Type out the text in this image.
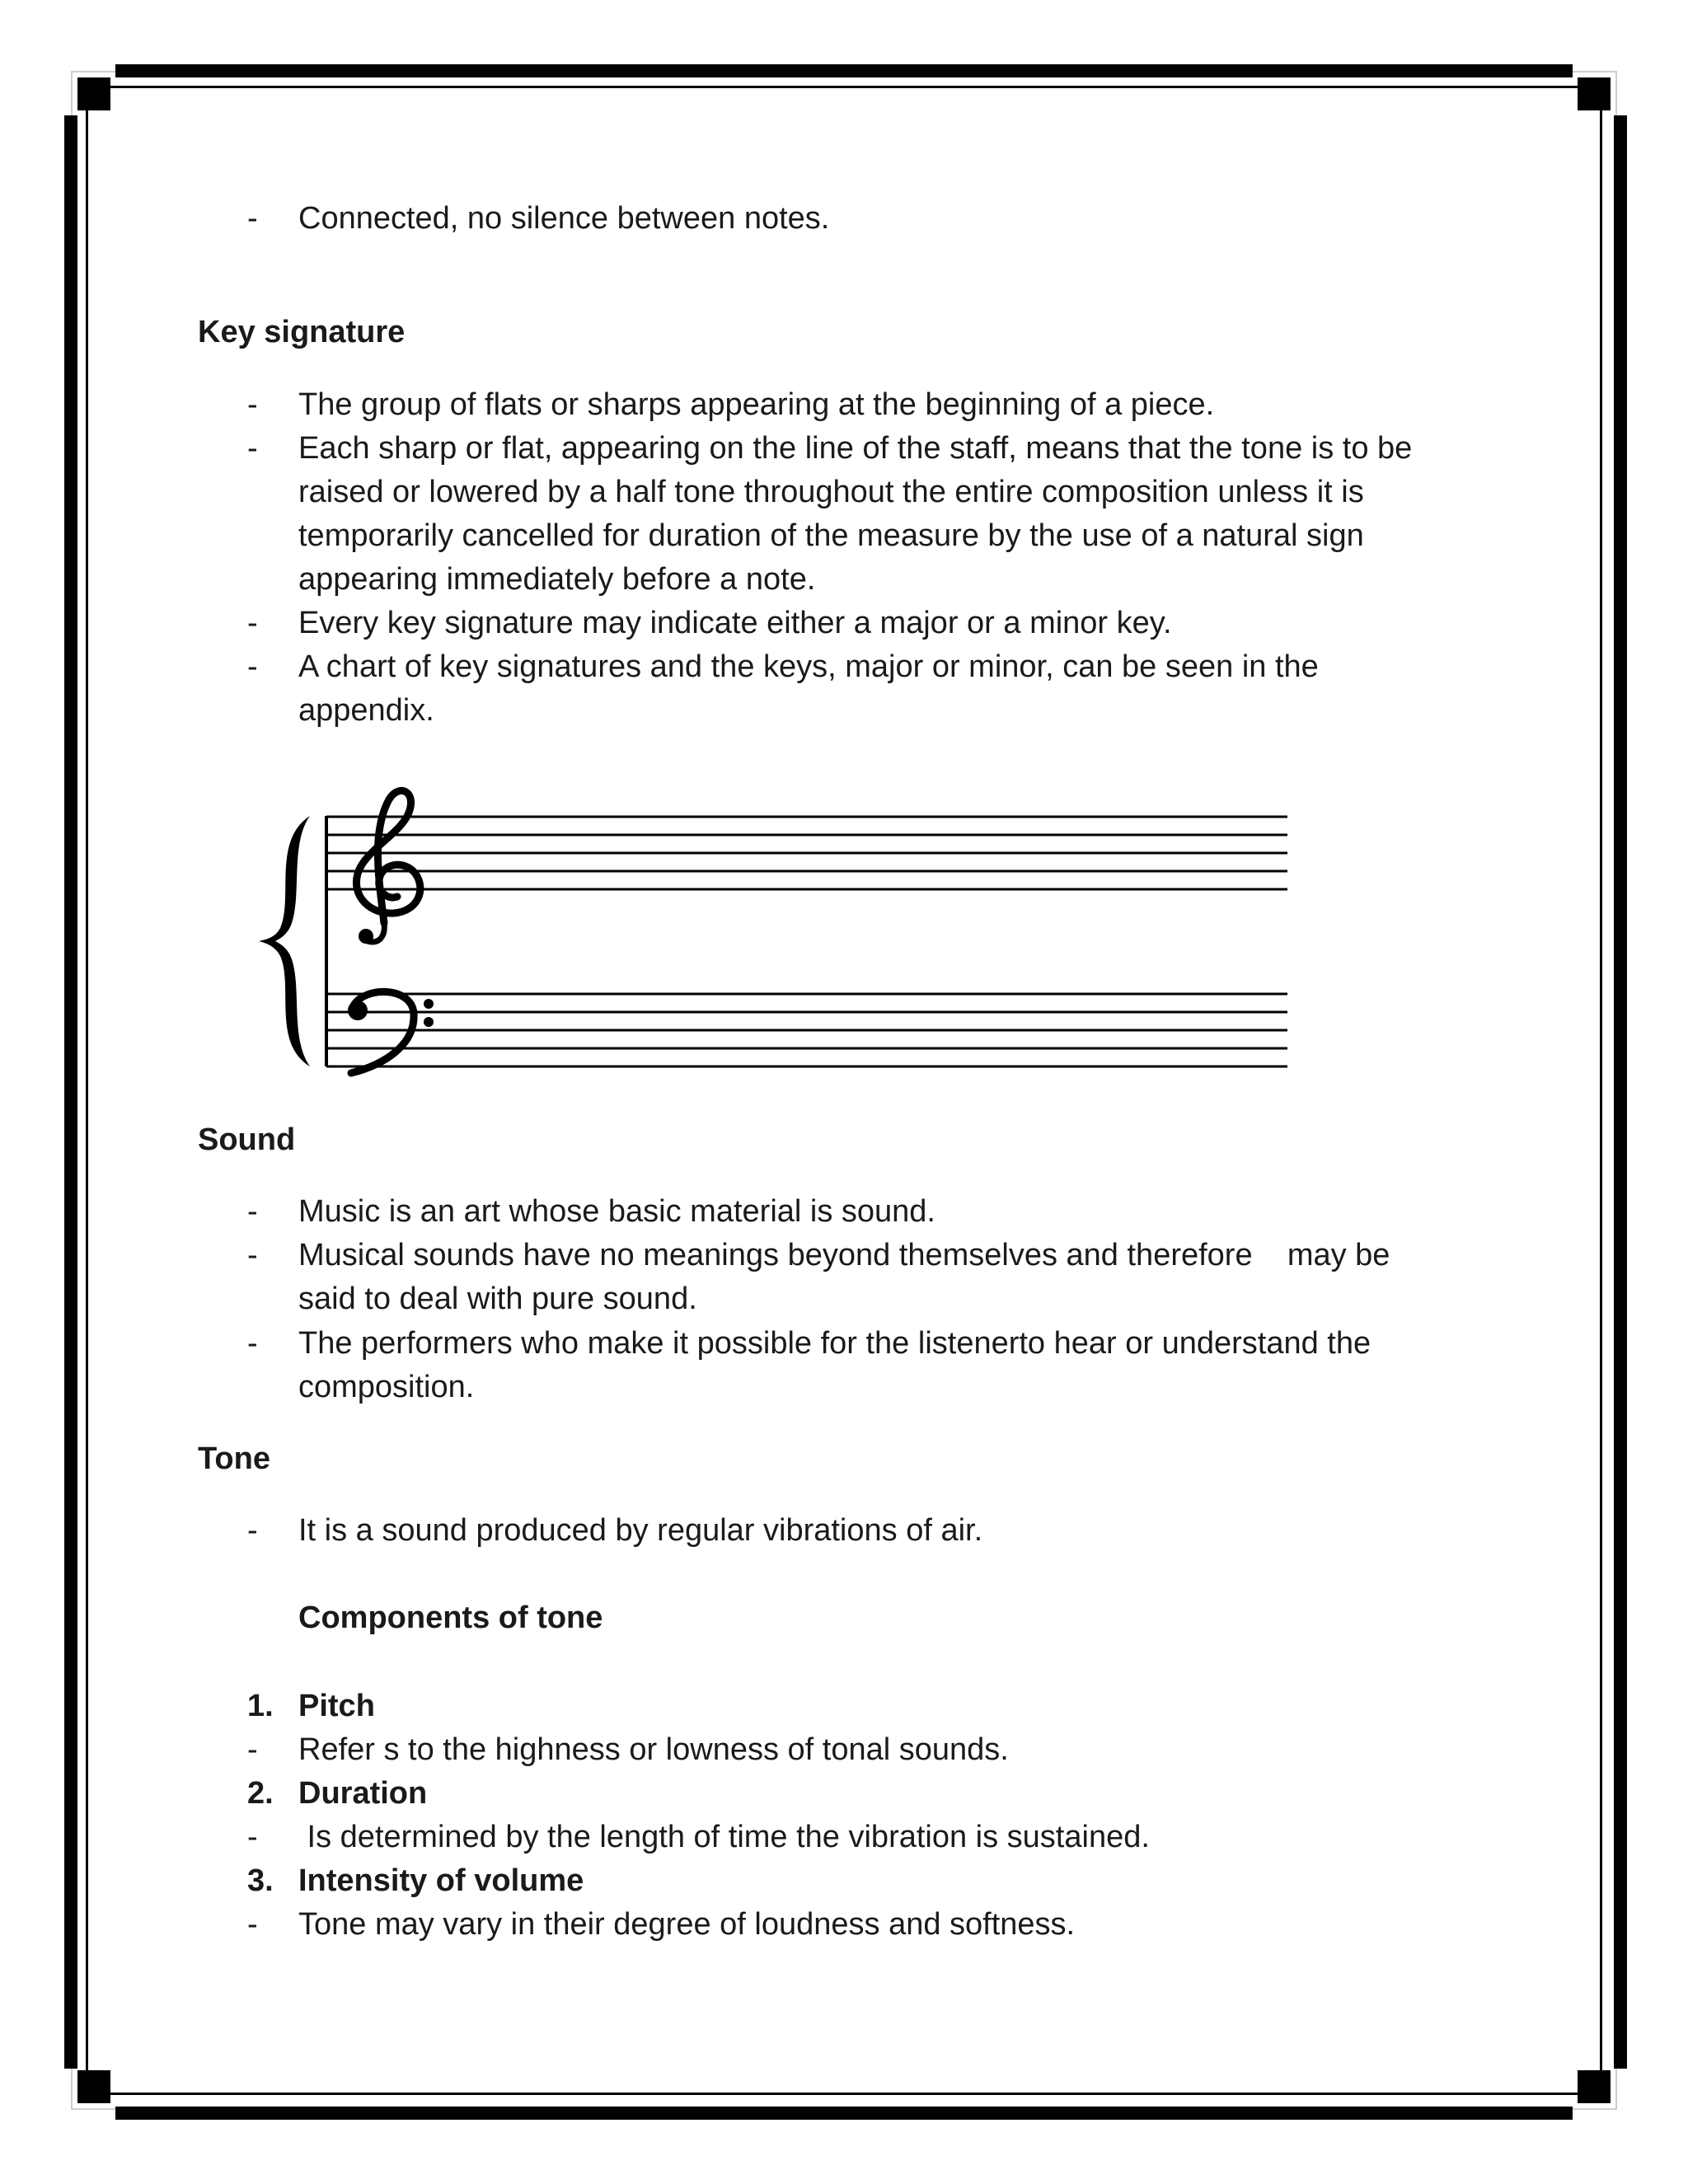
- Connected, no silence between notes.
Key signature
- The group of flats or sharps appearing at the beginning of a piece.
- Each sharp or flat, appearing on the line of the staff, means that the tone is to be
raised or lowered by a half tone throughout the entire composition unless it is
temporarily cancelled for duration of the measure by the use of a natural sign
appearing immediately before a note.
- Every key signature may indicate either a major or a minor key.
- A chart of key signatures and the keys, major or minor, can be seen in the
appendix.
Sound
- Music is an art whose basic material is sound.
- Musical sounds have no meanings beyond themselves and therefore    may be
said to deal with pure sound.
- The performers who make it possible for the listenerto hear or understand the
composition.
Tone
- It is a sound produced by regular vibrations of air.
Components of tone
1. Pitch
- Refer s to the highness or lowness of tonal sounds.
2. Duration
- Is determined by the length of time the vibration is sustained.
3. Intensity of volume
- Tone may vary in their degree of loudness and softness.
